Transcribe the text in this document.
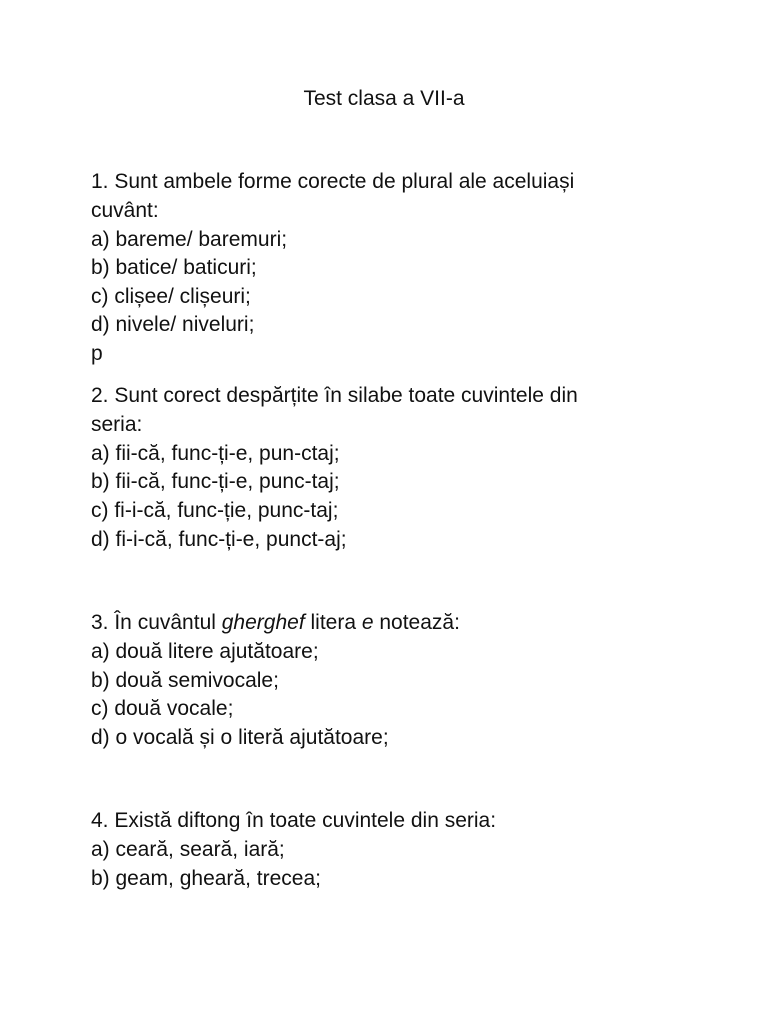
Test clasa a VII-a
1. Sunt ambele forme corecte de plural ale aceluiași
cuvânt:
a) bareme/ baremuri;
b) batice/ baticuri;
c) clișee/ clișeuri;
d) nivele/ niveluri;
p
2. Sunt corect despărțite în silabe toate cuvintele din
seria:
a) fii-că, func-ți-e, pun-ctaj;
b) fii-că, func-ți-e, punc-taj;
c) fi-i-că, func-ție, punc-taj;
d) fi-i-că, func-ți-e, punct-aj;
3. În cuvântul gherghef litera e notează:
a) două litere ajutătoare;
b) două semivocale;
c) două vocale;
d) o vocală și o literă ajutătoare;
4. Există diftong în toate cuvintele din seria:
a) ceară, seară, iară;
b) geam, gheară, trecea;
